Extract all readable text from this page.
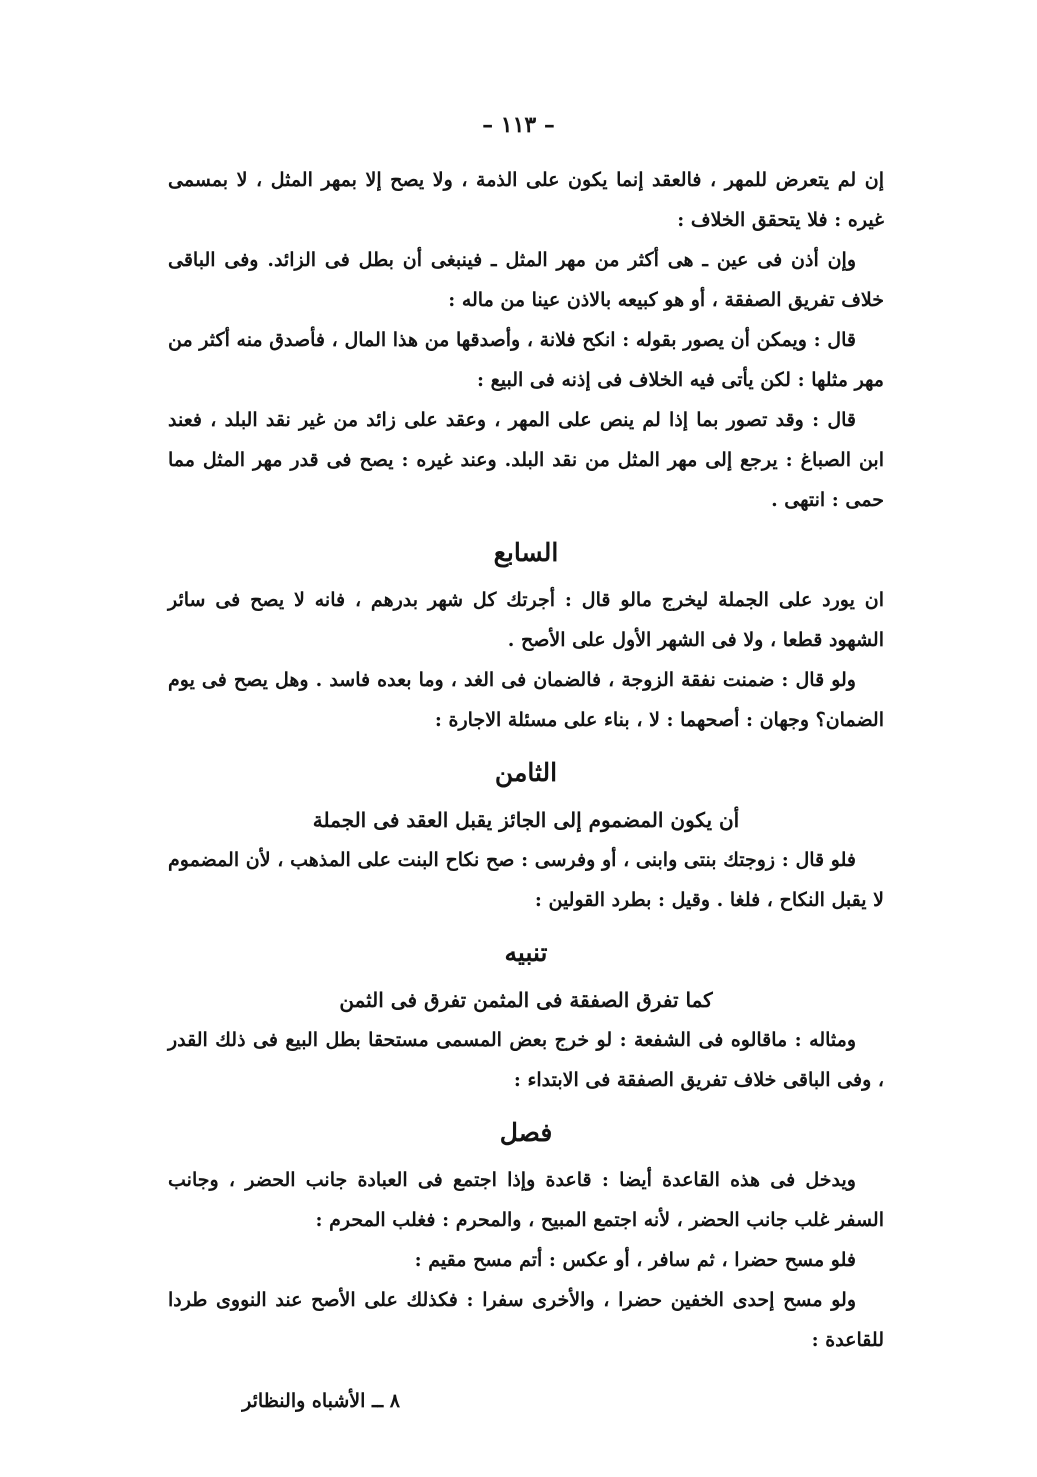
– ١١٣ –

إن لم يتعرض للمهر ، فالعقد إنما يكون على الذمة ، ولا يصح إلا بمهر المثل ، لا بمسمى غيره : فلا يتحقق الخلاف :

وإن أذن فى عين ـ هى أكثر من مهر المثل ـ فينبغى أن بطل فى الزائد. وفى الباقى خلاف تفريق الصفقة ، أو هو كبيعه بالاذن عينا من ماله :

قال : ويمكن أن يصور بقوله : انكح فلانة ، وأصدقها من هذا المال ، فأصدق منه أكثر من مهر مثلها : لكن يأتى فيه الخلاف فى إذنه فى البيع :

قال : وقد تصور بما إذا لم ينص على المهر ، وعقد على زائد من غير نقد البلد ، فعند ابن الصباغ : يرجع إلى مهر المثل من نقد البلد. وعند غيره : يصح فى قدر مهر المثل مما حمى : انتهى .

السابع

ان يورد على الجملة ليخرج مالو قال : أجرتك كل شهر بدرهم ، فانه لا يصح فى سائر الشهود قطعا ، ولا فى الشهر الأول على الأصح .

ولو قال : ضمنت نفقة الزوجة ، فالضمان فى الغد ، وما بعده فاسد . وهل يصح فى يوم الضمان؟ وجهان : أصحهما : لا ، بناء على مسئلة الاجارة :

الثامن
أن يكون المضموم إلى الجائز يقبل العقد فى الجملة

فلو قال : زوجتك بنتى وابنى ، أو وفرسى : صح نكاح البنت على المذهب ، لأن المضموم لا يقبل النكاح ، فلغا . وقيل : بطرد القولين :

تنبيه
كما تفرق الصفقة فى المثمن تفرق فى الثمن

ومثاله : ماقالوه فى الشفعة : لو خرج بعض المسمى مستحقا بطل البيع فى ذلك القدر ، وفى الباقى خلاف تفريق الصفقة فى الابتداء :

فصل

ويدخل فى هذه القاعدة أيضا : قاعدة وإذا اجتمع فى العبادة جانب الحضر ، وجانب السفر غلب جانب الحضر ، لأنه اجتمع المبيح ، والمحرم : فغلب المحرم :

فلو مسح حضرا ، ثم سافر ، أو عكس : أتم مسح مقيم :

ولو مسح إحدى الخفين حضرا ، والأخرى سفرا : فكذلك على الأصح عند النووى طردا للقاعدة :

٨ ــ الأشباه والنظائر
